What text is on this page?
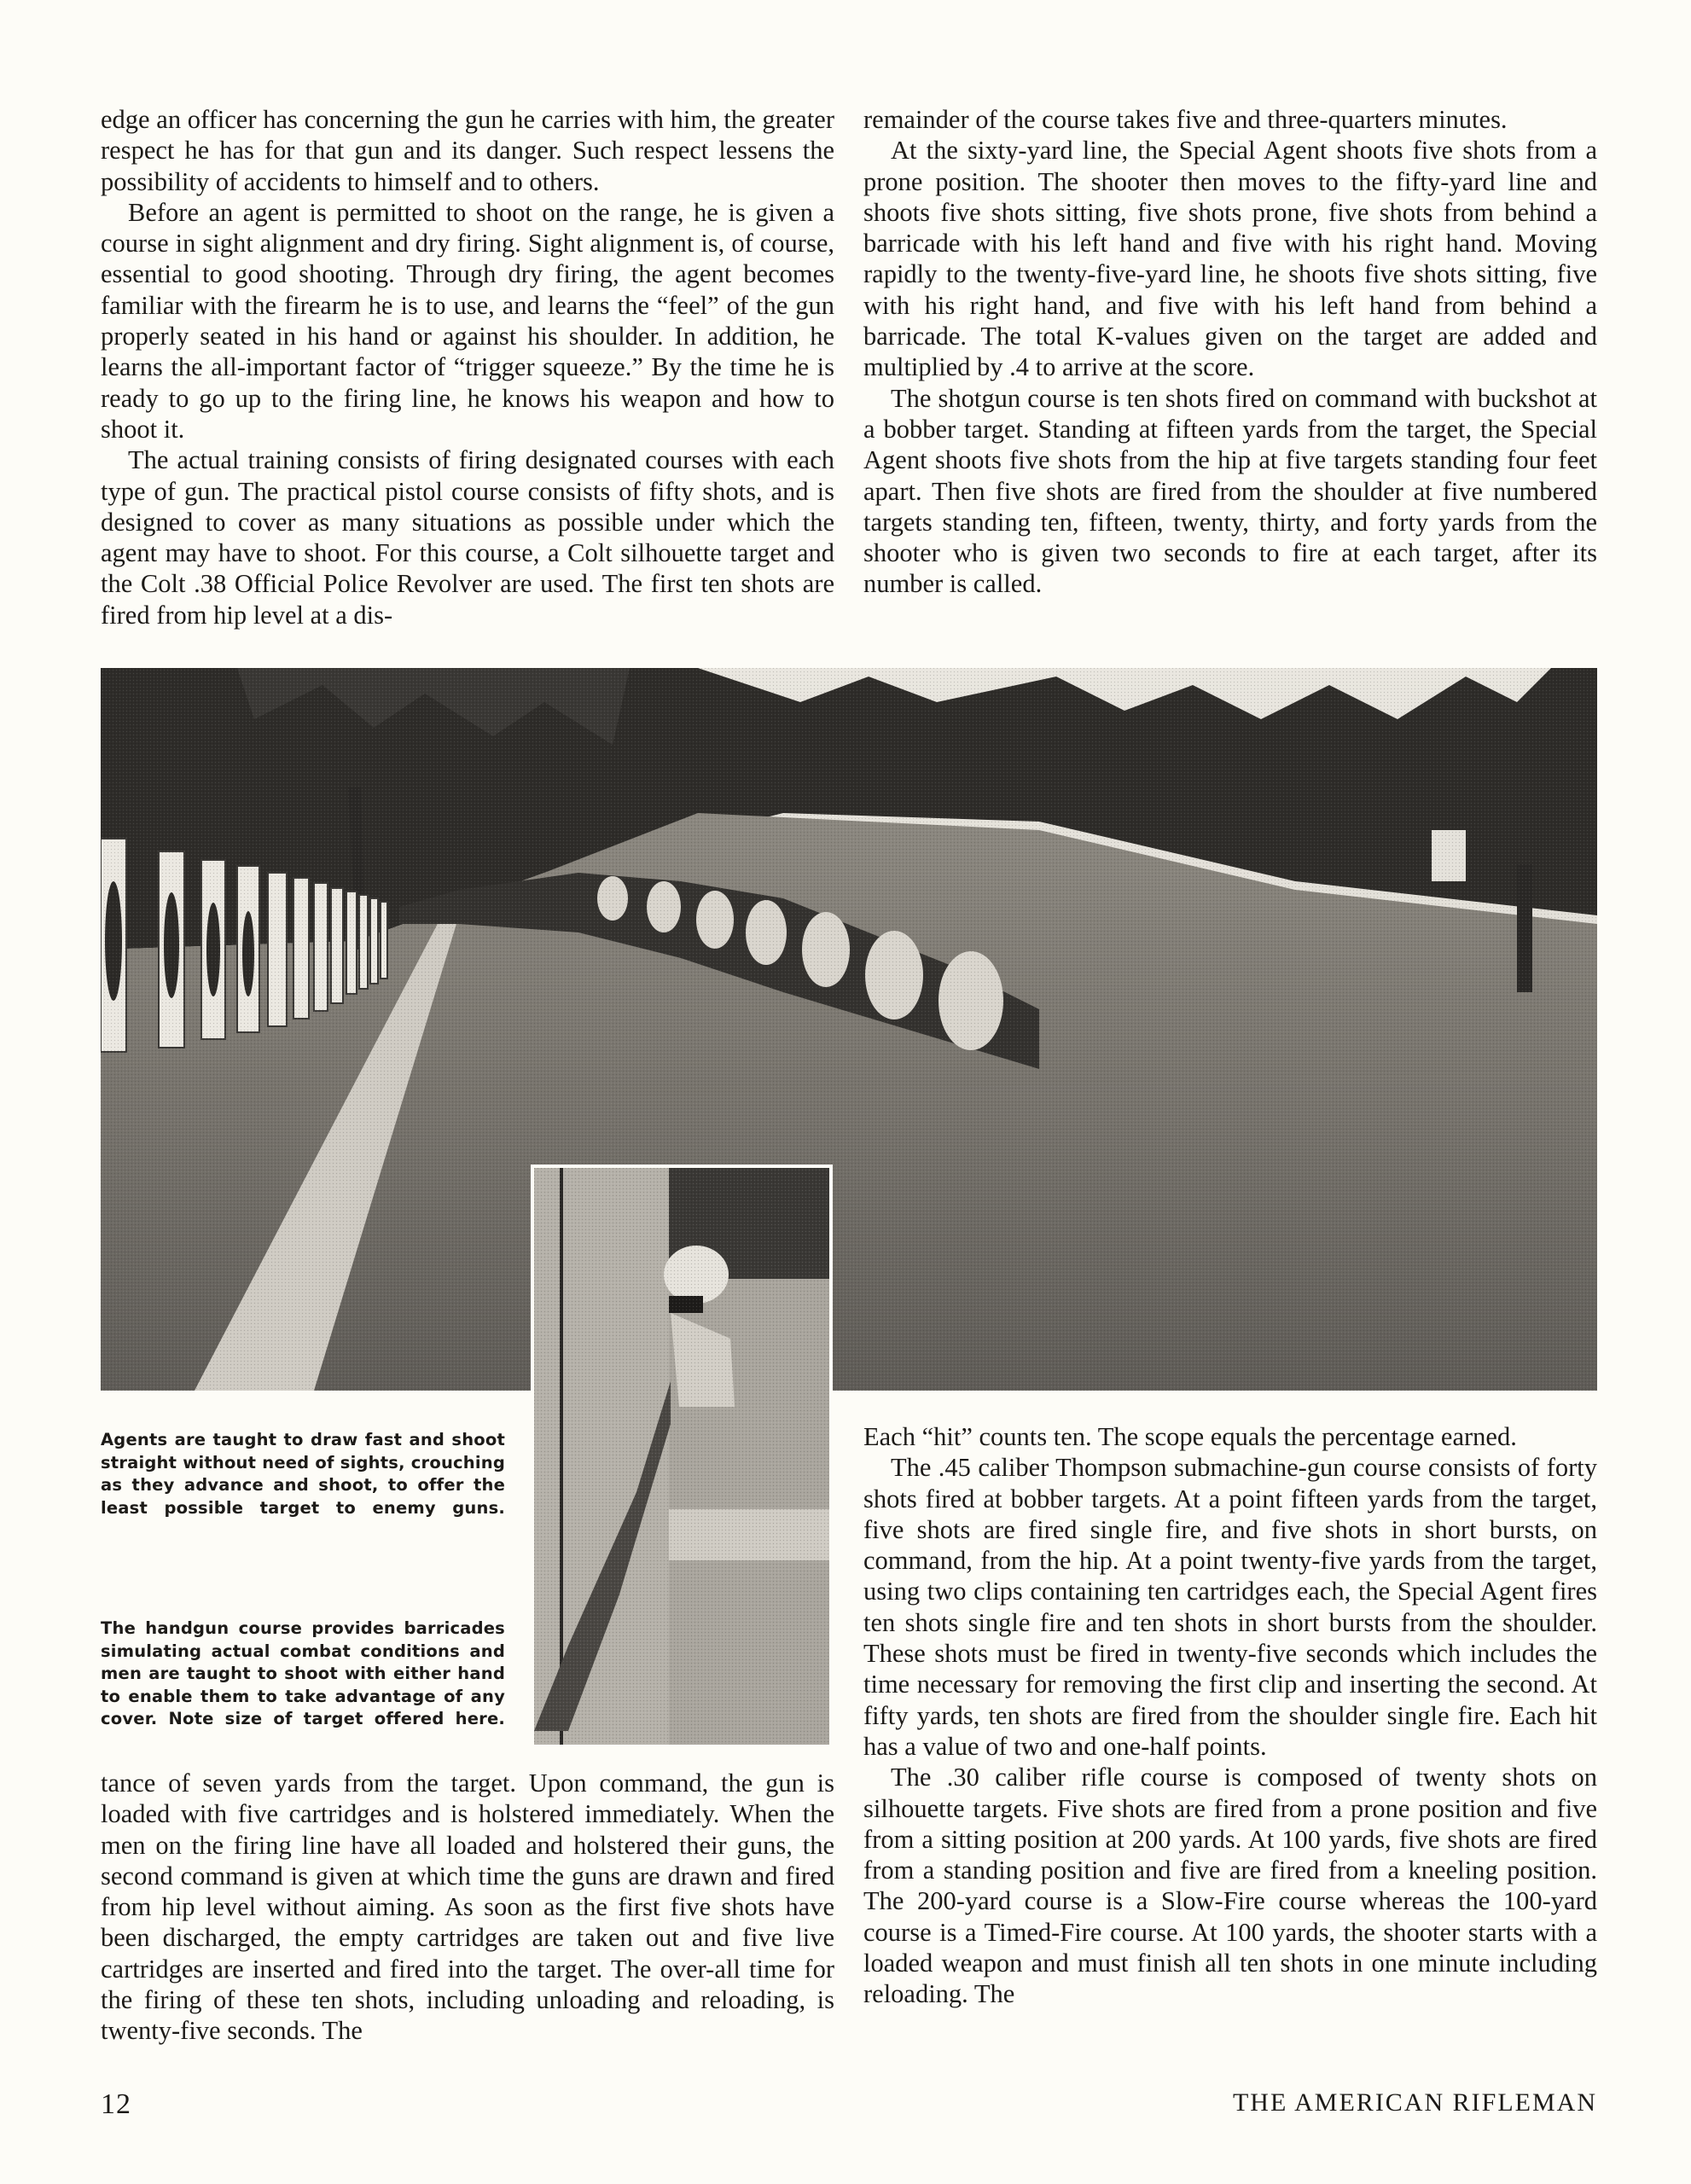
edge an officer has concerning the gun he carries with him, the greater respect he has for that gun and its danger. Such respect lessens the possibility of accidents to himself and to others.

Before an agent is permitted to shoot on the range, he is given a course in sight alignment and dry firing. Sight alignment is, of course, essential to good shooting. Through dry firing, the agent becomes familiar with the firearm he is to use, and learns the “feel” of the gun properly seated in his hand or against his shoulder. In addition, he learns the all-important factor of “trigger squeeze.” By the time he is ready to go up to the firing line, he knows his weapon and how to shoot it.

The actual training consists of firing designated courses with each type of gun. The practical pistol course consists of fifty shots, and is designed to cover as many situations as possible under which the agent may have to shoot. For this course, a Colt silhouette target and the Colt .38 Official Police Revolver are used. The first ten shots are fired from hip level at a dis-

remainder of the course takes five and three-quarters minutes.

At the sixty-yard line, the Special Agent shoots five shots from a prone position. The shooter then moves to the fifty-yard line and shoots five shots sitting, five shots prone, five shots from behind a barricade with his left hand and five with his right hand. Moving rapidly to the twenty-five-yard line, he shoots five shots sitting, five with his right hand, and five with his left hand from behind a barricade. The total K-values given on the target are added and multiplied by .4 to arrive at the score.

The shotgun course is ten shots fired on command with buckshot at a bobber target. Standing at fifteen yards from the target, the Special Agent shoots five shots from the hip at five targets standing four feet apart. Then five shots are fired from the shoulder at five numbered targets standing ten, fifteen, twenty, thirty, and forty yards from the shooter who is given two seconds to fire at each target, after its number is called.

Agents are taught to draw fast and shoot straight without need of sights, crouching as they advance and shoot, to offer the least possible target to enemy guns.
The handgun course provides barricades simulating actual combat conditions and men are taught to shoot with either hand to enable them to take advantage of any cover. Note size of target offered here.

tance of seven yards from the target. Upon command, the gun is loaded with five cartridges and is holstered immediately. When the men on the firing line have all loaded and holstered their guns, the second command is given at which time the guns are drawn and fired from hip level without aiming. As soon as the first five shots have been discharged, the empty cartridges are taken out and five live cartridges are inserted and fired into the target. The over-all time for the firing of these ten shots, including unloading and reloading, is twenty-five seconds. The

Each “hit” counts ten. The scope equals the percentage earned.

The .45 caliber Thompson submachine-gun course consists of forty shots fired at bobber targets. At a point fifteen yards from the target, five shots are fired single fire, and five shots in short bursts, on command, from the hip. At a point twenty-five yards from the target, using two clips containing ten cartridges each, the Special Agent fires ten shots single fire and ten shots in short bursts from the shoulder. These shots must be fired in twenty-five seconds which includes the time necessary for removing the first clip and inserting the second. At fifty yards, ten shots are fired from the shoulder single fire. Each hit has a value of two and one-half points.

The .30 caliber rifle course is composed of twenty shots on silhouette targets. Five shots are fired from a prone position and five from a sitting position at 200 yards. At 100 yards, five shots are fired from a standing position and five are fired from a kneeling position. The 200-yard course is a Slow-Fire course whereas the 100-yard course is a Timed-Fire course. At 100 yards, the shooter starts with a loaded weapon and must finish all ten shots in one minute including reloading. The

12	THE AMERICAN RIFLEMAN
